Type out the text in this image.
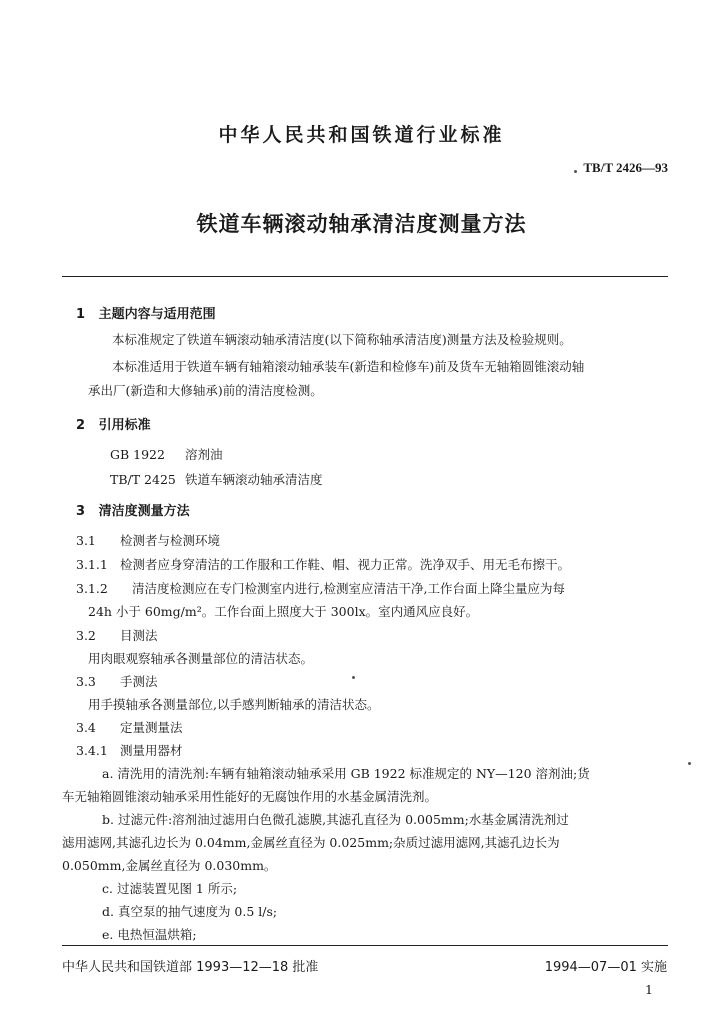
中华人民共和国铁道行业标准
TB/T 2426—93
铁道车辆滚动轴承清洁度测量方法
1 主题内容与适用范围
本标准规定了铁道车辆滚动轴承清洁度(以下简称轴承清洁度)测量方法及检验规则。
本标准适用于铁道车辆有轴箱滚动轴承装车(新造和检修车)前及货车无轴箱圆锥滚动轴
承出厂(新造和大修轴承)前的清洁度检测。
2 引用标准
GB 1922 溶剂油
TB/T 2425 铁道车辆滚动轴承清洁度
3 清洁度测量方法
3.1 检测者与检测环境
3.1.1 检测者应身穿清洁的工作服和工作鞋、帽、视力正常。洗净双手、用无毛布擦干。
3.1.2 清洁度检测应在专门检测室内进行,检测室应清洁干净,工作台面上降尘量应为每
24h 小于 60mg/m²。工作台面上照度大于 300lx。室内通风应良好。
3.2 目测法
用肉眼观察轴承各测量部位的清洁状态。
3.3 手测法
用手摸轴承各测量部位,以手感判断轴承的清洁状态。
3.4 定量测量法
3.4.1 测量用器材
a. 清洗用的清洗剂:车辆有轴箱滚动轴承采用 GB 1922 标准规定的 NY—120 溶剂油;货
车无轴箱圆锥滚动轴承采用性能好的无腐蚀作用的水基金属清洗剂。
b. 过滤元件:溶剂油过滤用白色微孔滤膜,其滤孔直径为 0.005mm;水基金属清洗剂过
滤用滤网,其滤孔边长为 0.04mm,金属丝直径为 0.025mm;杂质过滤用滤网,其滤孔边长为
0.050mm,金属丝直径为 0.030mm。
c. 过滤装置见图 1 所示;
d. 真空泵的抽气速度为 0.5 l/s;
e. 电热恒温烘箱;
中华人民共和国铁道部 1993—12—18 批准	1994—07—01 实施
1
